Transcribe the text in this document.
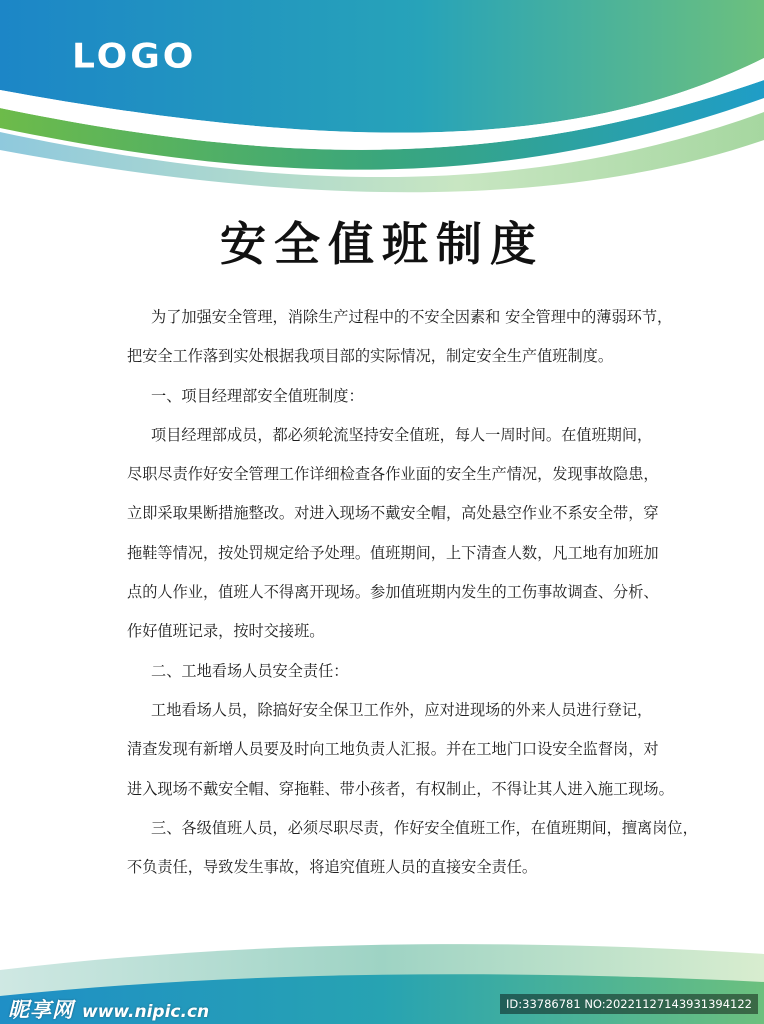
LOGO
安全值班制度
为了加强安全管理，消除生产过程中的不安全因素和 安全管理中的薄弱环节，
把安全工作落到实处根据我项目部的实际情况，制定安全生产值班制度。
一、项目经理部安全值班制度：
项目经理部成员，都必须轮流坚持安全值班，每人一周时间。在值班期间，
尽职尽责作好安全管理工作详细检查各作业面的安全生产情况，发现事故隐患，
立即采取果断措施整改。对进入现场不戴安全帽，高处悬空作业不系安全带，穿
拖鞋等情况，按处罚规定给予处理。值班期间，上下清查人数，凡工地有加班加
点的人作业，值班人不得离开现场。参加值班期内发生的工伤事故调查、分析、
作好值班记录，按时交接班。
二、工地看场人员安全责任：
工地看场人员，除搞好安全保卫工作外，应对进现场的外来人员进行登记，
清查发现有新增人员要及时向工地负责人汇报。并在工地门口设安全监督岗，对
进入现场不戴安全帽、穿拖鞋、带小孩者，有权制止，不得让其人进入施工现场。
三、各级值班人员，必须尽职尽责，作好安全值班工作，在值班期间，擅离岗位，
不负责任，导致发生事故，将追究值班人员的直接安全责任。
昵享网 www.nipic.cn	ID:33786781 NO:20221127143931394122
